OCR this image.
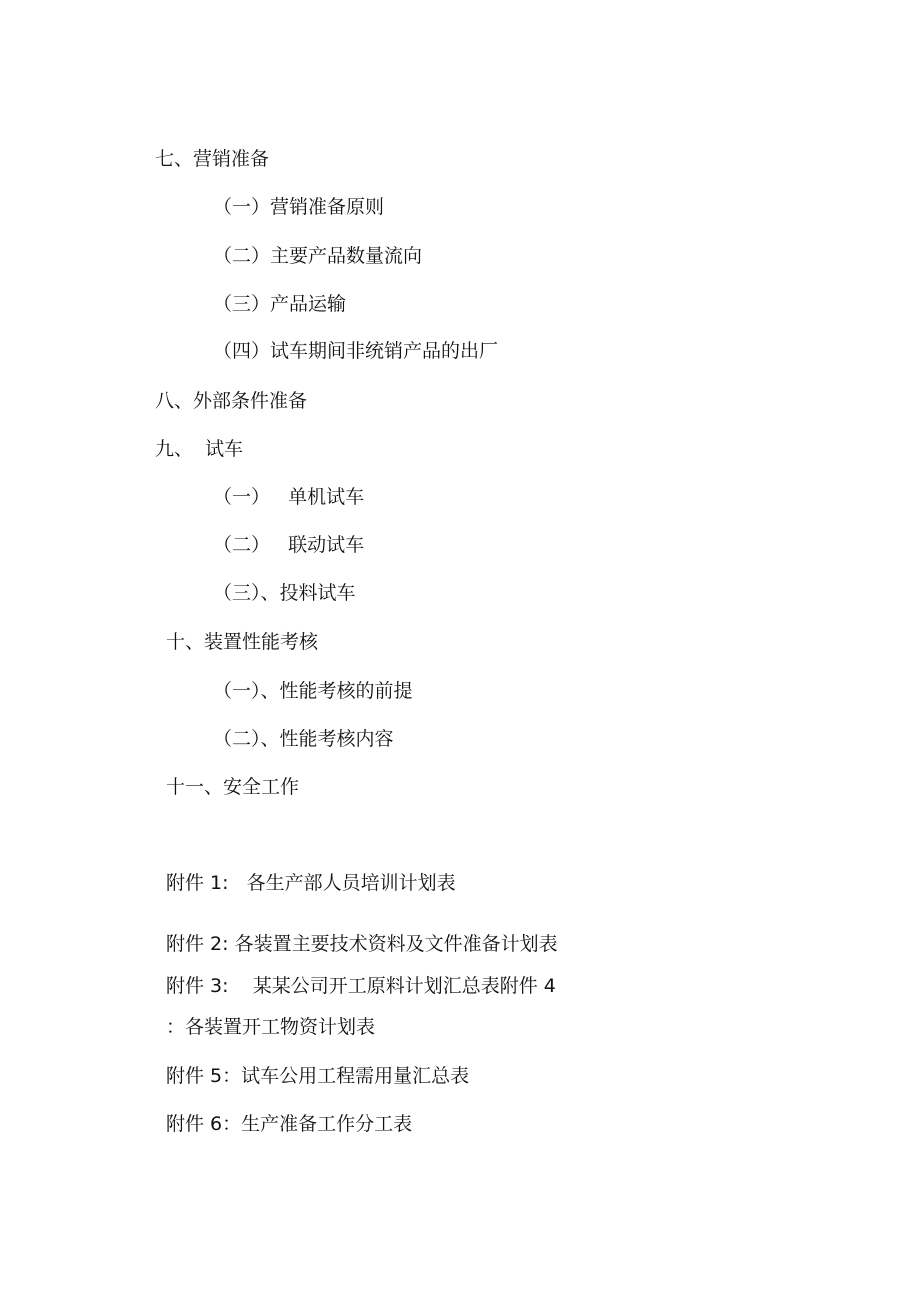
七、营销准备
（一）营销准备原则
（二）主要产品数量流向
（三）产品运输
（四）试车期间非统销产品的出厂
八、外部条件准备
九、  试车
（一）   单机试车
（二）   联动试车
（三）、投料试车
十、装置性能考核
（一）、性能考核的前提
（二）、性能考核内容
十一、安全工作
附件 1:   各生产部人员培训计划表
附件 2: 各装置主要技术资料及文件准备计划表
附件 3:    某某公司开工原料计划汇总表附件 4
：各装置开工物资计划表
附件 5：试车公用工程需用量汇总表
附件 6：生产准备工作分工表
